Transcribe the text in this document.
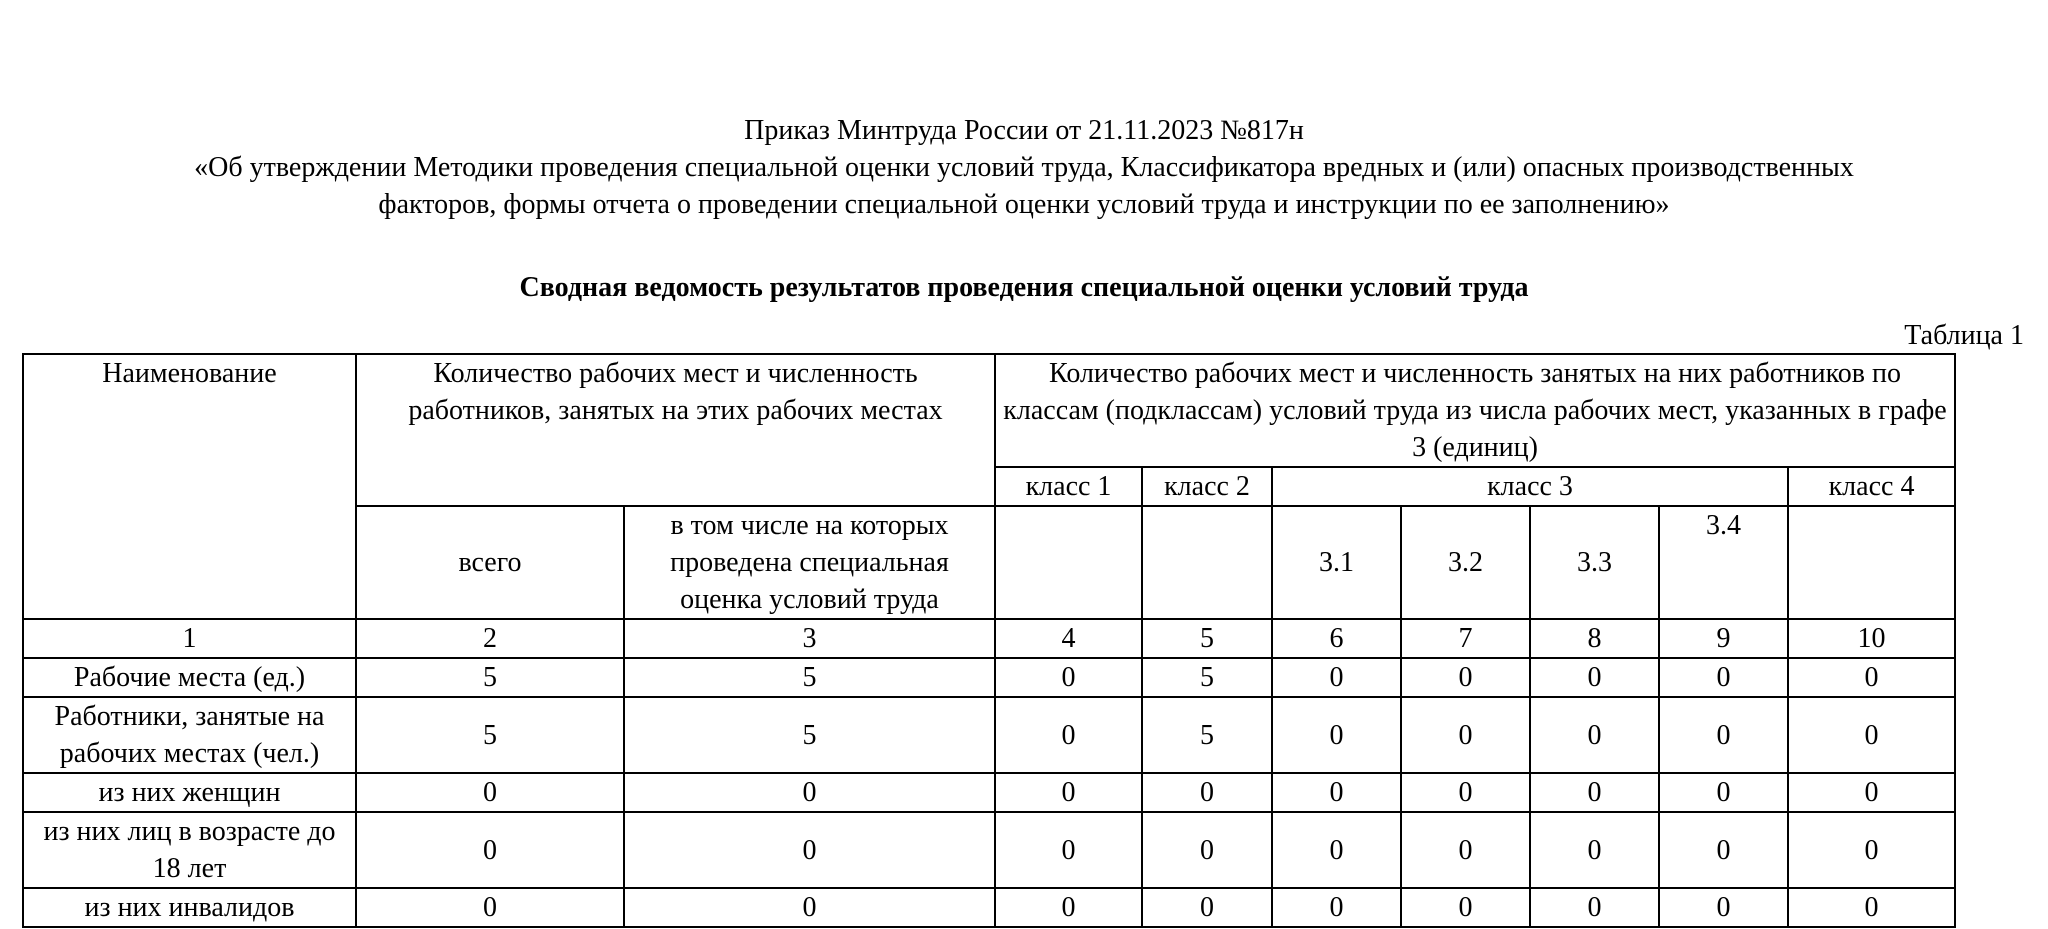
Приказ Минтруда России от 21.11.2023 №817н
«Об утверждении Методики проведения специальной оценки условий труда, Классификатора вредных и (или) опасных производственных
факторов, формы отчета о проведении специальной оценки условий труда и инструкции по ее заполнению»
Сводная ведомость результатов проведения специальной оценки условий труда
Таблица 1
Наименование	Количество рабочих мест и численность работников, занятых на этих рабочих местах		Количество рабочих мест и численность занятых на них работников по классам (подклассам) условий труда из числа рабочих мест, указанных в графе 3 (единиц)						
			класс 1	класс 2	класс 3				класс 4
	всего	в том числе на которых проведена специальная оценка условий труда			3.1	3.2	3.3	3.4	
1	2	3	4	5	6	7	8	9	10
Рабочие места (ед.)	5	5	0	5	0	0	0	0	0
Работники, занятые на рабочих местах (чел.)	5	5	0	5	0	0	0	0	0
из них женщин	0	0	0	0	0	0	0	0	0
из них лиц в возрасте до 18 лет	0	0	0	0	0	0	0	0	0
из них инвалидов	0	0	0	0	0	0	0	0	0
